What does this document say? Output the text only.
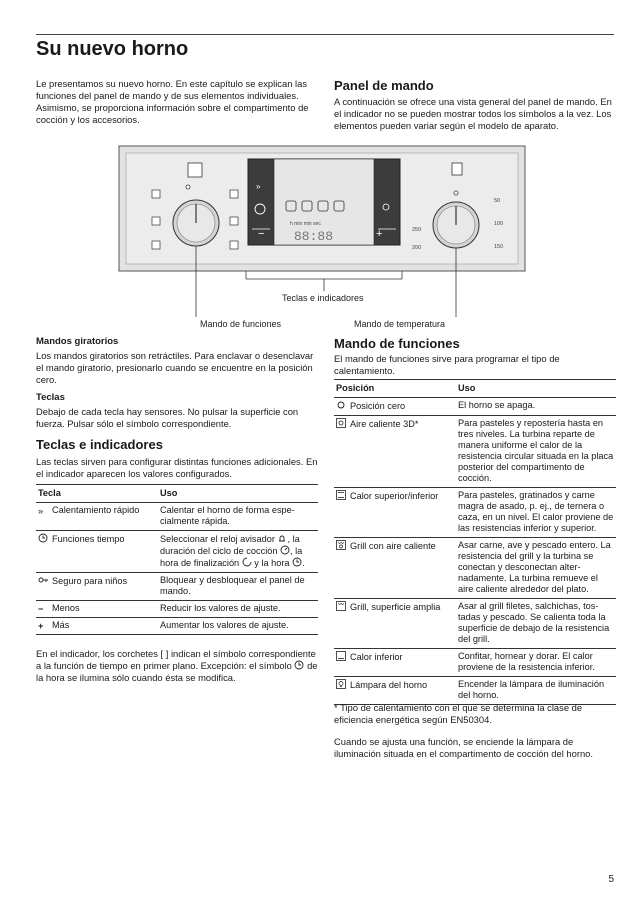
Su nuevo horno
Le presentamos su nuevo horno. En este capítulo se explican las funciones del panel de mando y de sus elementos individuales. Asimismo, se proporciona información sobre el compartimento de cocción y los accesorios.
Panel de mando
A continuación se ofrece una vista general del panel de mando. En el indicador no se pueden mostrar todos los símbolos a la vez. Los elementos pueden variar según el modelo de aparato.
»
−	+
h min min sec
88:88
50
100
150
200
250
Teclas e indicadores
Mando de funciones	Mando de temperatura
Mandos giratorios
Los mandos giratorios son retráctiles. Para enclavar o desenclavar el mando giratorio, presionarlo cuando se encuentre en la posición cero.
Teclas
Debajo de cada tecla hay sensores. No pulsar la superficie con fuerza. Pulsar sólo el símbolo correspondiente.
Teclas e indicadores
Las teclas sirven para configurar distintas funciones adicionales. En el indicador aparecen los valores configurados.
Tecla	Uso
» Calentamiento rápido	Calentar el horno de forma especialmente rápida.
Funciones tiempo	Seleccionar el reloj avisador , la duración del ciclo de cocción , la hora de finalización  y la hora .
Seguro para niños	Bloquear y desbloquear el panel de mando.
− Menos	Reducir los valores de ajuste.
+ Más	Aumentar los valores de ajuste.
En el indicador, los corchetes [ ] indican el símbolo correspondiente a la función de tiempo en primer plano. Excepción: el símbolo de la hora se ilumina sólo cuando ésta se modifica.
Mando de funciones
El mando de funciones sirve para programar el tipo de calentamiento.
Posición	Uso
Posición cero	El horno se apaga.
Aire caliente 3D*	Para pasteles y repostería hasta en tres niveles. La turbina reparte de manera uniforme el calor de la resistencia circular situada en la placa posterior del compartimento de cocción.
Calor superior/inferior	Para pasteles, gratinados y carne magra de asado, p. ej., de ternera o caza, en un nivel. El calor proviene de las resistencias inferior y superior.
Grill con aire caliente	Asar carne, ave y pescado entero. La resistencia del grill y la turbina se conectan y desconectan alternadamente. La turbina remueve el aire caliente alrededor del plato.
Grill, superficie amplia	Asar al grill filetes, salchichas, tostadas y pescado. Se calienta toda la superficie de debajo de la resistencia del grill.
Calor inferior	Confitar, hornear y dorar. El calor proviene de la resistencia inferior.
Lámpara del horno	Encender la lámpara de iluminación del horno.
* Tipo de calentamiento con el que se determina la clase de eficiencia energética según EN50304.
Cuando se ajusta una función, se enciende la lámpara de iluminación situada en el compartimento de cocción del horno.
5
